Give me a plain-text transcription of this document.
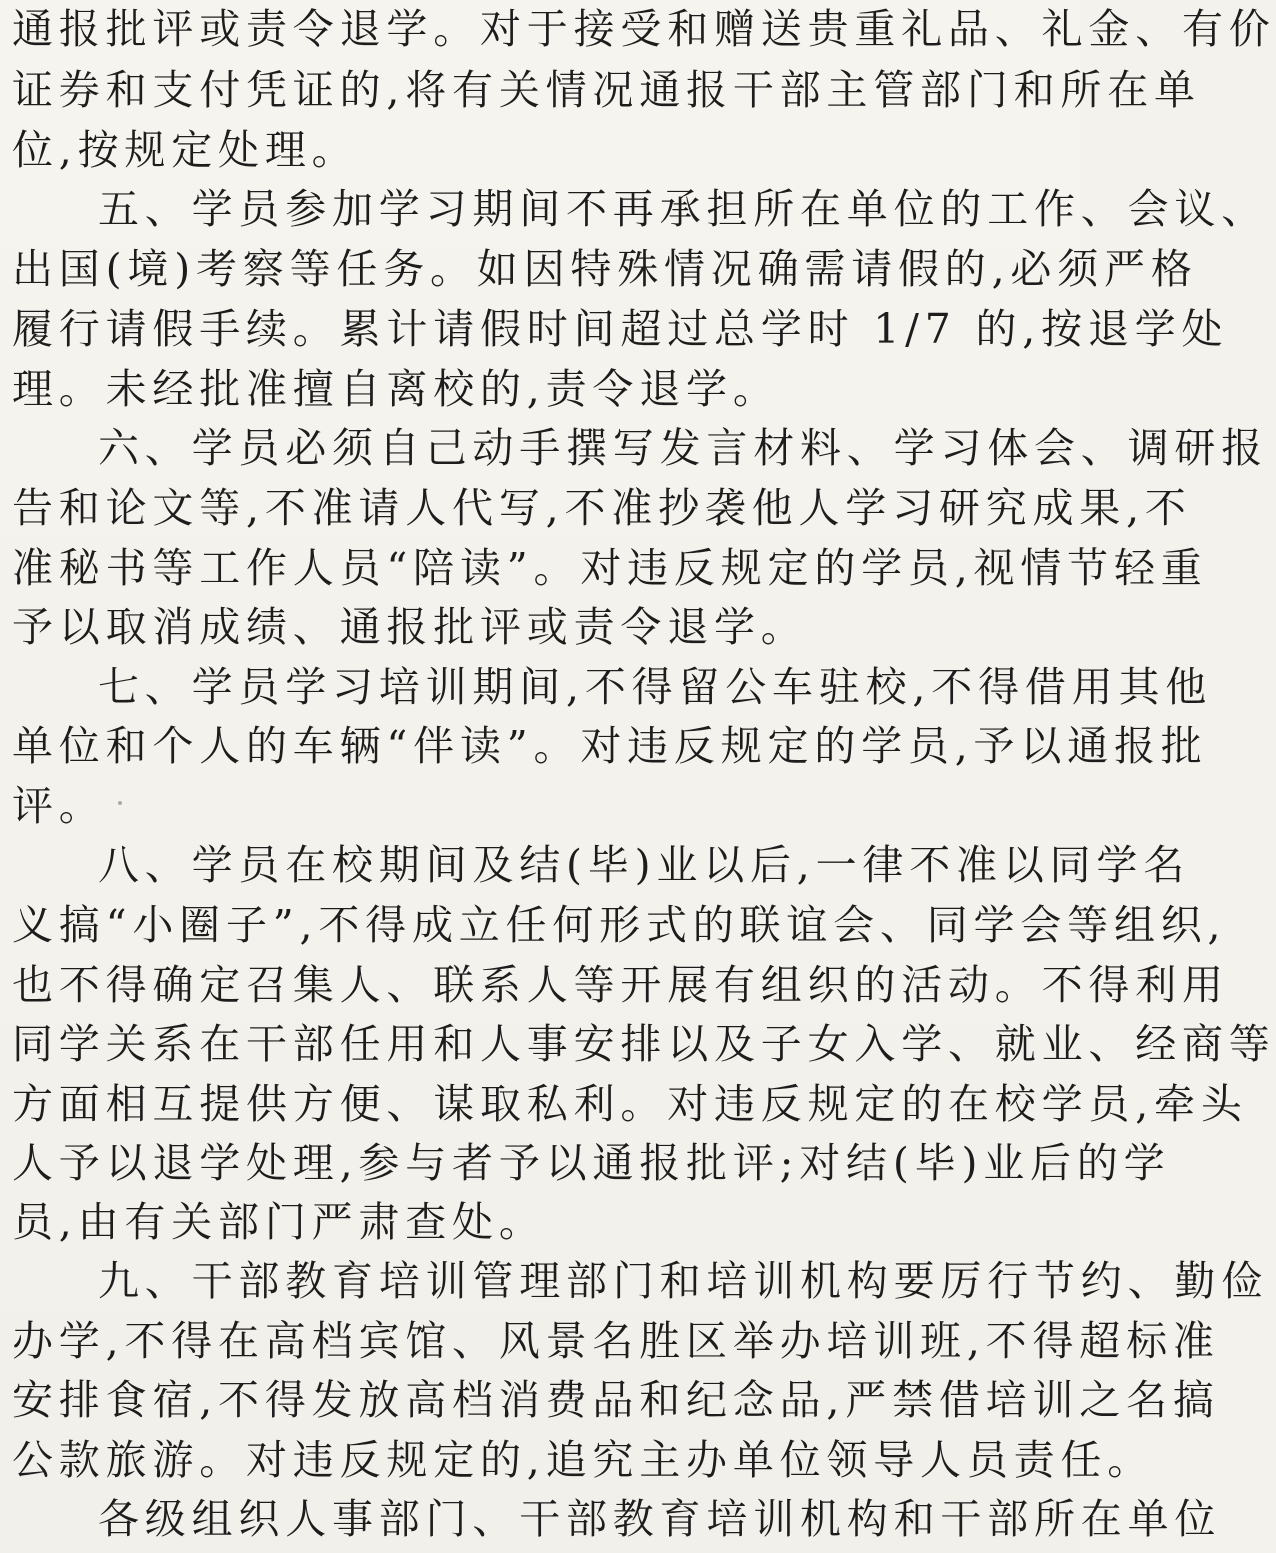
通报批评或责令退学。对于接受和赠送贵重礼品、礼金、有价
证券和支付凭证的,将有关情况通报干部主管部门和所在单
位,按规定处理。
五、学员参加学习期间不再承担所在单位的工作、会议、
出国(境)考察等任务。如因特殊情况确需请假的,必须严格
履行请假手续。累计请假时间超过总学时 1/7 的,按退学处
理。未经批准擅自离校的,责令退学。
六、学员必须自己动手撰写发言材料、学习体会、调研报
告和论文等,不准请人代写,不准抄袭他人学习研究成果,不
准秘书等工作人员“陪读”。对违反规定的学员,视情节轻重
予以取消成绩、通报批评或责令退学。
七、学员学习培训期间,不得留公车驻校,不得借用其他
单位和个人的车辆“伴读”。对违反规定的学员,予以通报批
评。
八、学员在校期间及结(毕)业以后,一律不准以同学名
义搞“小圈子”,不得成立任何形式的联谊会、同学会等组织,
也不得确定召集人、联系人等开展有组织的活动。不得利用
同学关系在干部任用和人事安排以及子女入学、就业、经商等
方面相互提供方便、谋取私利。对违反规定的在校学员,牵头
人予以退学处理,参与者予以通报批评;对结(毕)业后的学
员,由有关部门严肃查处。
九、干部教育培训管理部门和培训机构要厉行节约、勤俭
办学,不得在高档宾馆、风景名胜区举办培训班,不得超标准
安排食宿,不得发放高档消费品和纪念品,严禁借培训之名搞
公款旅游。对违反规定的,追究主办单位领导人员责任。
各级组织人事部门、干部教育培训机构和干部所在单位
